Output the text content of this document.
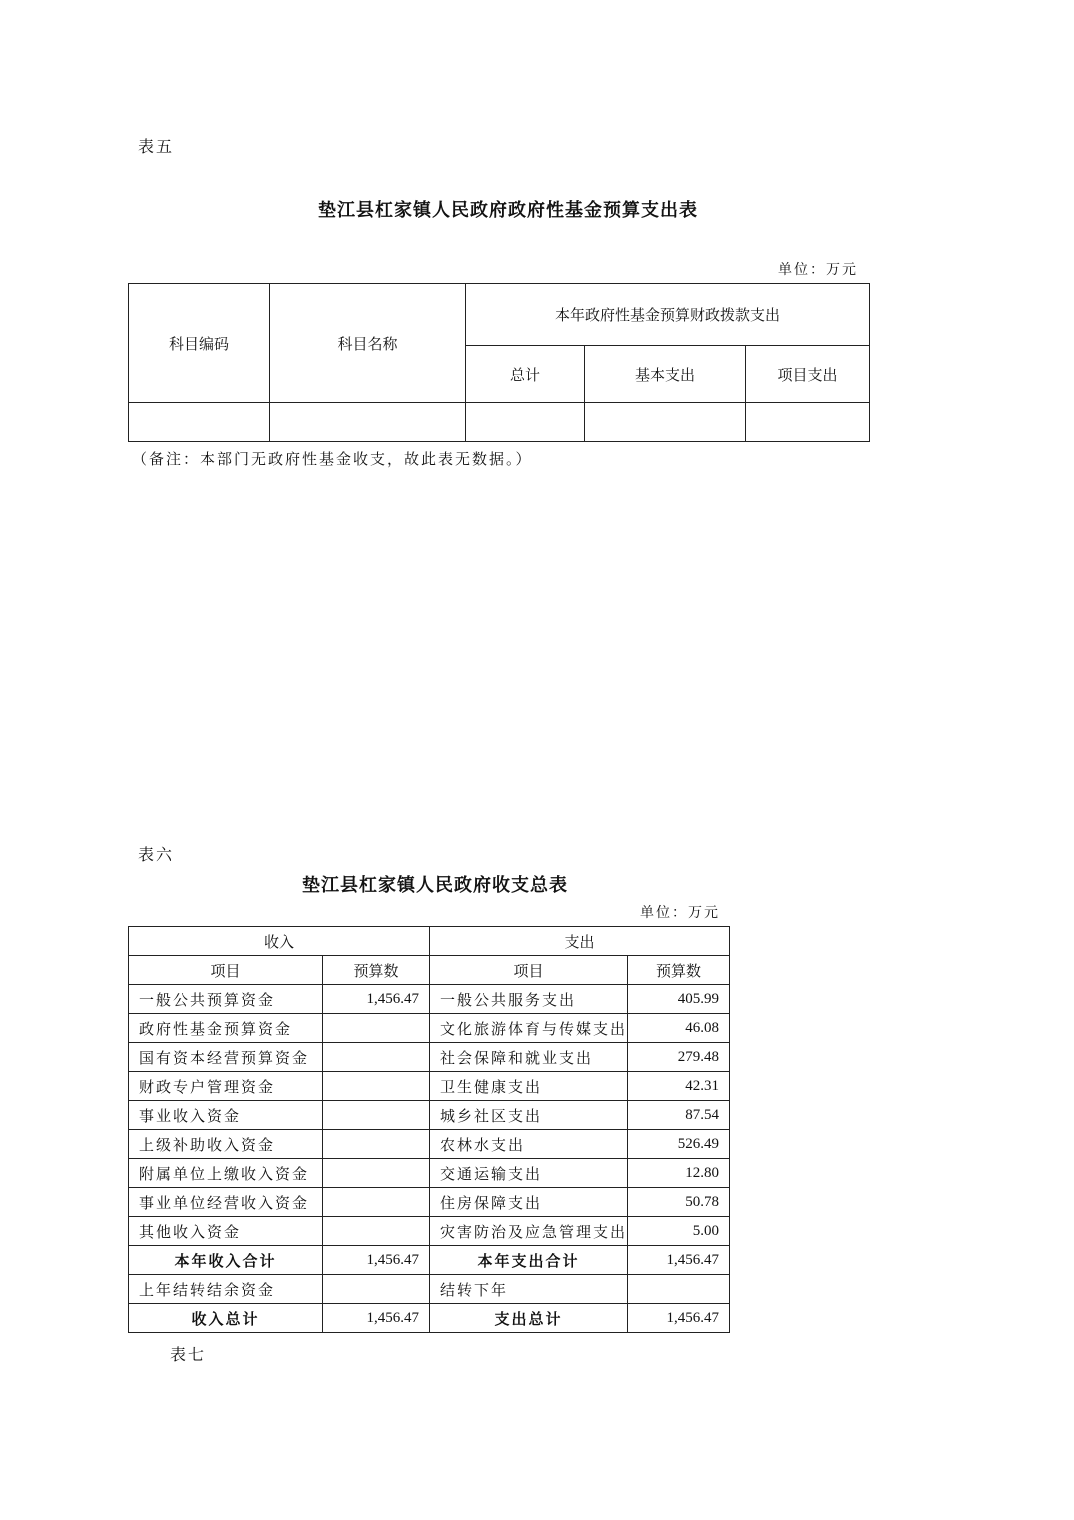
表五
垫江县杠家镇人民政府政府性基金预算支出表
单位：万元
科目编码	科目名称	本年政府性基金预算财政拨款支出		
		总计	基本支出	项目支出

（备注：本部门无政府性基金收支，故此表无数据。）
表六
垫江县杠家镇人民政府收支总表
单位：万元
收入		支出	
项目	预算数	项目	预算数
一般公共预算资金	1,456.47	一般公共服务支出	405.99
政府性基金预算资金		文化旅游体育与传媒支出	46.08
国有资本经营预算资金		社会保障和就业支出	279.48
财政专户管理资金		卫生健康支出	42.31
事业收入资金		城乡社区支出	87.54
上级补助收入资金		农林水支出	526.49
附属单位上缴收入资金		交通运输支出	12.80
事业单位经营收入资金		住房保障支出	50.78
其他收入资金		灾害防治及应急管理支出	5.00
本年收入合计	1,456.47	本年支出合计	1,456.47
上年结转结余资金		结转下年	
收入总计	1,456.47	支出总计	1,456.47
表七
